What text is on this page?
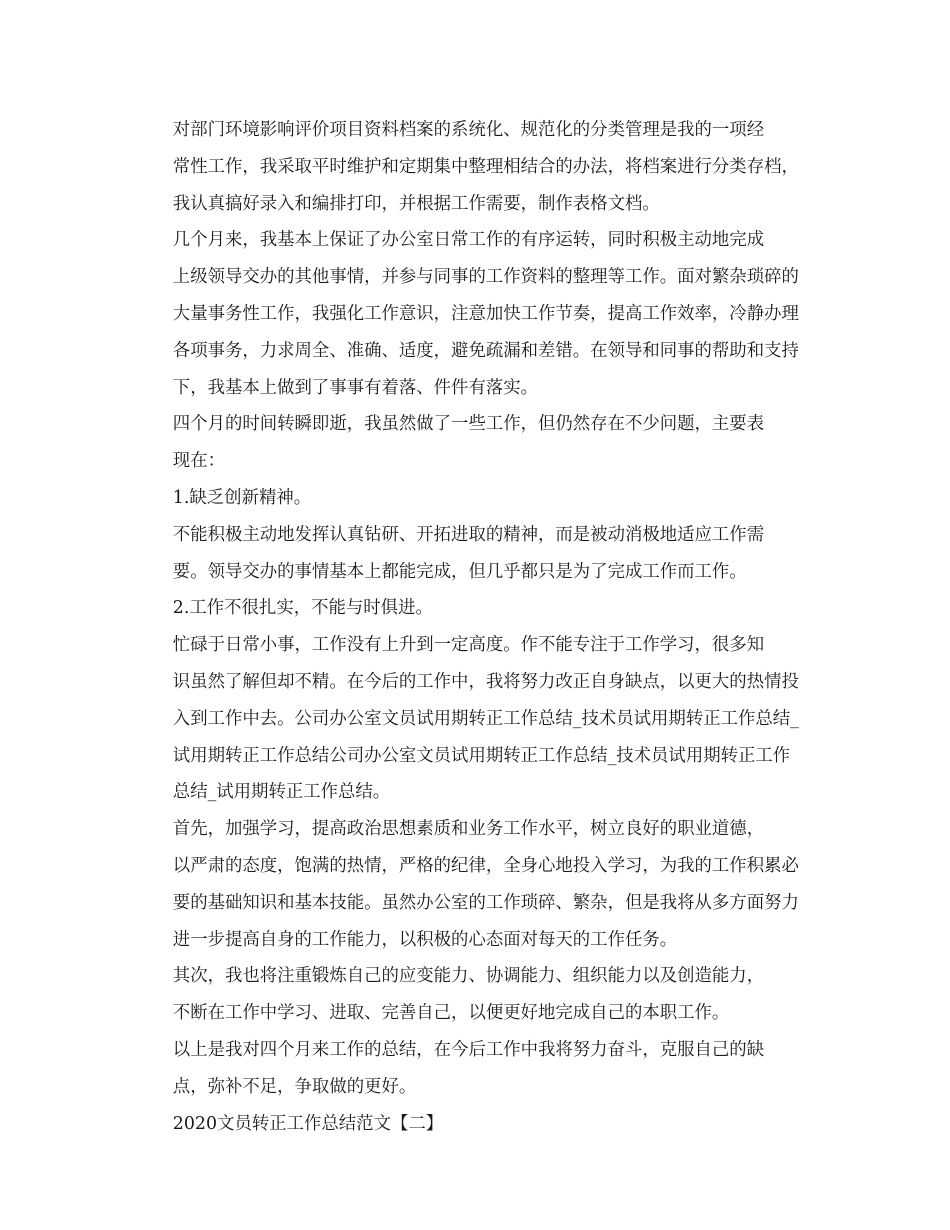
对部门环境影响评价项目资料档案的系统化、规范化的分类管理是我的一项经
常性工作，我采取平时维护和定期集中整理相结合的办法，将档案进行分类存档，
我认真搞好录入和编排打印，并根据工作需要，制作表格文档。

几个月来，我基本上保证了办公室日常工作的有序运转，同时积极主动地完成
上级领导交办的其他事情，并参与同事的工作资料的整理等工作。面对繁杂琐碎的
大量事务性工作，我强化工作意识，注意加快工作节奏，提高工作效率，冷静办理
各项事务，力求周全、准确、适度，避免疏漏和差错。在领导和同事的帮助和支持
下，我基本上做到了事事有着落、件件有落实。

四个月的时间转瞬即逝，我虽然做了一些工作，但仍然存在不少问题，主要表
现在：

1.缺乏创新精神。

不能积极主动地发挥认真钻研、开拓进取的精神，而是被动消极地适应工作需
要。领导交办的事情基本上都能完成，但几乎都只是为了完成工作而工作。

2.工作不很扎实，不能与时俱进。

忙碌于日常小事，工作没有上升到一定高度。作不能专注于工作学习，很多知
识虽然了解但却不精。在今后的工作中，我将努力改正自身缺点，以更大的热情投
入到工作中去。公司办公室文员试用期转正工作总结_技术员试用期转正工作总结_
试用期转正工作总结公司办公室文员试用期转正工作总结_技术员试用期转正工作
总结_试用期转正工作总结。

首先，加强学习，提高政治思想素质和业务工作水平，树立良好的职业道德，
以严肃的态度，饱满的热情，严格的纪律，全身心地投入学习，为我的工作积累必
要的基础知识和基本技能。虽然办公室的工作琐碎、繁杂，但是我将从多方面努力
进一步提高自身的工作能力，以积极的心态面对每天的工作任务。

其次，我也将注重锻炼自己的应变能力、协调能力、组织能力以及创造能力，
不断在工作中学习、进取、完善自己，以便更好地完成自己的本职工作。

以上是我对四个月来工作的总结，在今后工作中我将努力奋斗，克服自己的缺
点，弥补不足，争取做的更好。

2020文员转正工作总结范文【二】
